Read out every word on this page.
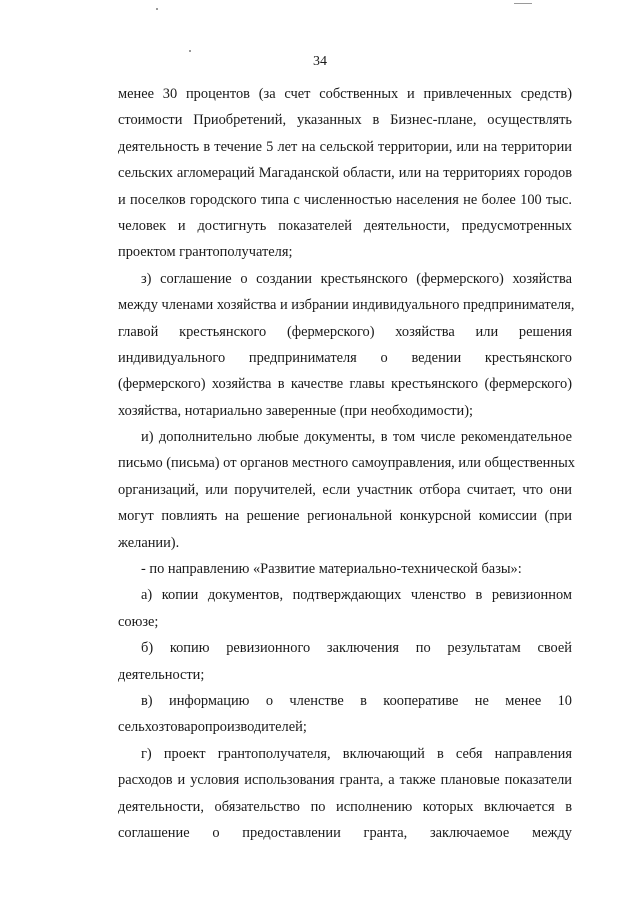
34
менее 30 процентов (за счет собственных и привлеченных средств)
стоимости Приобретений, указанных в Бизнес-плане, осуществлять
деятельность в течение 5 лет на сельской территории, или на территории
сельских агломераций Магаданской области, или на территориях городов
и поселков городского типа с численностью населения не более 100 тыс.
человек и достигнуть показателей деятельности, предусмотренных
проектом грантополучателя;
з) соглашение о создании крестьянского (фермерского) хозяйства
между членами хозяйства и избрании индивидуального предпринимателя,
главой крестьянского (фермерского) хозяйства или решения
индивидуального предпринимателя о ведении крестьянского
(фермерского) хозяйства в качестве главы крестьянского (фермерского)
хозяйства, нотариально заверенные (при необходимости);
и) дополнительно любые документы, в том числе рекомендательное
письмо (письма) от органов местного самоуправления, или общественных
организаций, или поручителей, если участник отбора считает, что они
могут повлиять на решение региональной конкурсной комиссии (при
желании).
- по направлению «Развитие материально-технической базы»:
а) копии документов, подтверждающих членство в ревизионном
союзе;
б) копию ревизионного заключения по результатам своей
деятельности;
в) информацию о членстве в кооперативе не менее 10
сельхозтоваропроизводителей;
г) проект грантополучателя, включающий в себя направления
расходов и условия использования гранта, а также плановые показатели
деятельности, обязательство по исполнению которых включается в
соглашение о предоставлении гранта, заключаемое между
